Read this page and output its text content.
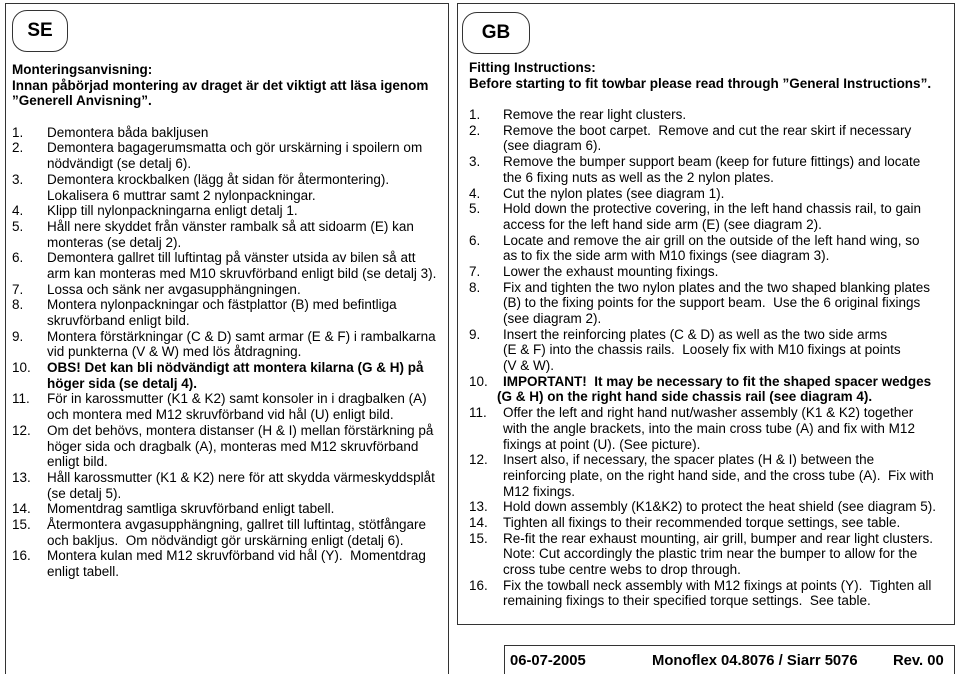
SE
Monteringsanvisning:
Innan påbörjad montering av draget är det viktigt att läsa igenom
”Generell Anvisning”.
1. Demontera båda bakljusen
2. Demontera bagagerumsmatta och gör urskärning i spoilern om
nödvändigt (se detalj 6).
3. Demontera krockbalken (lägg åt sidan för återmontering).
Lokalisera 6 muttrar samt 2 nylonpackningar.
4. Klipp till nylonpackningarna enligt detalj 1.
5. Håll nere skyddet från vänster rambalk så att sidoarm (E) kan
monteras (se detalj 2).
6. Demontera gallret till luftintag på vänster utsida av bilen så att
arm kan monteras med M10 skruvförband enligt bild (se detalj 3).
7. Lossa och sänk ner avgasupphängningen.
8. Montera nylonpackningar och fästplattor (B) med befintliga
skruvförband enligt bild.
9. Montera förstärkningar (C & D) samt armar (E & F) i rambalkarna
vid punkterna (V & W) med lös åtdragning.
10. OBS! Det kan bli nödvändigt att montera kilarna (G & H) på
höger sida (se detalj 4).
11. För in karossmutter (K1 & K2) samt konsoler in i dragbalken (A)
och montera med M12 skruvförband vid hål (U) enligt bild.
12. Om det behövs, montera distanser (H & I) mellan förstärkning på
höger sida och dragbalk (A), monteras med M12 skruvförband
enligt bild.
13. Håll karossmutter (K1 & K2) nere för att skydda värmeskyddsplåt
(se detalj 5).
14. Momentdrag samtliga skruvförband enligt tabell.
15. Återmontera avgasupphängning, gallret till luftintag, stötfångare
och bakljus.  Om nödvändigt gör urskärning enligt (detalj 6).
16. Montera kulan med M12 skruvförband vid hål (Y).  Momentdrag
enligt tabell.
GB
Fitting Instructions:
Before starting to fit towbar please read through ”General Instructions”.
1. Remove the rear light clusters.
2. Remove the boot carpet.  Remove and cut the rear skirt if necessary
(see diagram 6).
3. Remove the bumper support beam (keep for future fittings) and locate
the 6 fixing nuts as well as the 2 nylon plates.
4. Cut the nylon plates (see diagram 1).
5. Hold down the protective covering, in the left hand chassis rail, to gain
access for the left hand side arm (E) (see diagram 2).
6. Locate and remove the air grill on the outside of the left hand wing, so
as to fix the side arm with M10 fixings (see diagram 3).
7. Lower the exhaust mounting fixings.
8. Fix and tighten the two nylon plates and the two shaped blanking plates
(B) to the fixing points for the support beam.  Use the 6 original fixings
(see diagram 2).
9. Insert the reinforcing plates (C & D) as well as the two side arms
(E & F) into the chassis rails.  Loosely fix with M10 fixings at points
(V & W).
10. IMPORTANT!  It may be necessary to fit the shaped spacer wedges
(G & H) on the right hand side chassis rail (see diagram 4).
11. Offer the left and right hand nut/washer assembly (K1 & K2) together
with the angle brackets, into the main cross tube (A) and fix with M12
fixings at point (U). (See picture).
12. Insert also, if necessary, the spacer plates (H & I) between the
reinforcing plate, on the right hand side, and the cross tube (A).  Fix with
M12 fixings.
13. Hold down assembly (K1&K2) to protect the heat shield (see diagram 5).
14. Tighten all fixings to their recommended torque settings, see table.
15. Re-fit the rear exhaust mounting, air grill, bumper and rear light clusters.
Note: Cut accordingly the plastic trim near the bumper to allow for the
cross tube centre webs to drop through.
16. Fix the towball neck assembly with M12 fixings at points (Y).  Tighten all
remaining fixings to their specified torque settings.  See table.
06-07-2005	Monoflex 04.8076 / Siarr 5076 Rev. 00
